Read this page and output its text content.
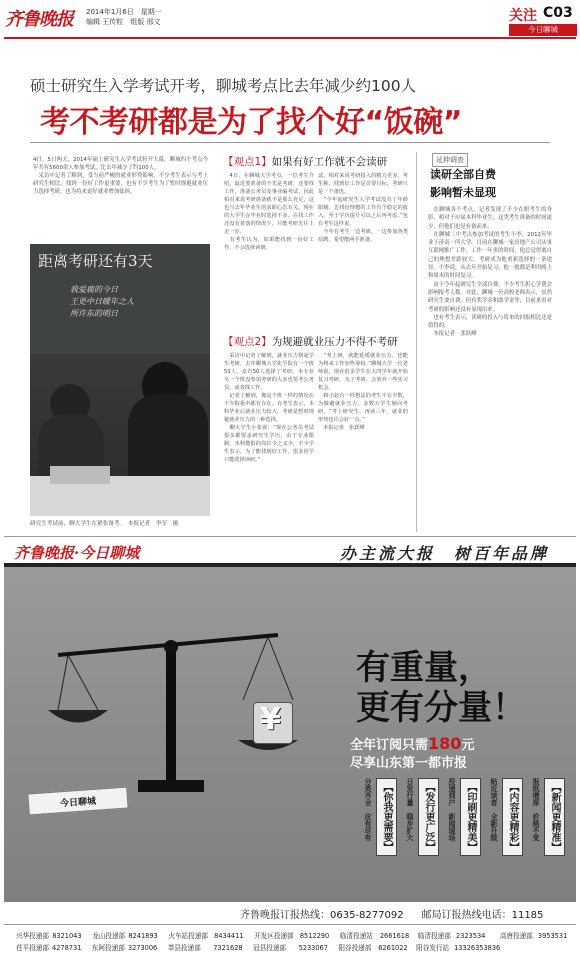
齐鲁晚报 2014年1月6日　星期一
编辑 王传粒　组版 邢文	关注 C03
今日聊城
硕士研究生入学考试开考，聊城考点比去年减少约100人
考不考研都是为了找个好“饭碗”
4日，5日两天，2014年硕士研究生入学考试拉开大幕，聊城四个考点今年共有5600余人参加考试，比去年减少了约100人。
　采访中记者了解到，受当前严峻的就业形势影响，不少考生表示与考上研究生相比，找到一份好工作更重要，也有不少考生为了暂时规避就业压力选择考研，也为将来更好就业增加砝码。
距离考研还有3天
我爱鹿的今日
王更中日暖年之人
所许东的明日
研究生考试前，聊大学生在紧张备考。　本报记者　李军　摄
【观点1】如果有好工作就不会读研
　4日，在聊城大学考点，一位考生介绍，最近要准备的不光是考研，还要找工作，准备公务员及事业编考试，因此相对来说考研准备就不是那么充足，这也与去年毕业生的求职心态有关。现在的大学生在毕业时选择不多，在找工作还没有着落的情况下，只能考研先往上走一步。
　有考生认为，如果能找到一份好工作，不会选择读研。
试，相对来说考研投入的精力更多。考生称，找到好工作是首要目标，考研只是一个备选。
　“今年起研究生入学考试没有了年龄限制，先找份理想的工作有个稳定的收入，至于学历提升可以之后再考虑。”也有考生这样说。
　今年有考生一边考研，一边参加各类招聘，希望能两手准备。
【观点2】为规避就业压力不得不考研
　采访中记者了解到，就业压力倒逼学生考研，去年聊城大学化学院有一个班53人，竟有50人选择了考研。本专业另一个班没参加考研的大多也要考公务员，或者找工作。
　记者了解到，像这个班一样的情况在不少院系中都有存在。有考生表示，本科毕业后就业压力较大，考研是暂时规避就业压力的一种选择。
　聊大学生小张说：“现在公务员考试很多都要求研究生学历，由于专业限制，本科能报的岗位少之又少，不少学生表示，为了能找到好工作，很多同学只能选择读研。”
　“考上研，就能延缓就业压力，也能为将来工作加些筹码。”聊城大学一位老师说，现在很多学生在大四学年就开始复习考研，为了考研，会放弃一些实习机会。
　和小赵有一样想法的考生不在少数，为躲避就业压力，多数大学生倾向考研。“考上研究生，再读三年，就业的形势也许会好一点。”
　本报记者　张跃峰
延伸调查
读研全部自费
影响暂未显现
　在聊城各个考点，记者发现了不少在职考生的身影，相对于应届本科毕业生，这类考生准备的时间更少，但他们也是有备而来。
　在聊城二中考点参加考试的考生小李，2012年毕业于济南一所大学，目前在聊城一家房地产公司从事互联网推广工作。工作一年多的时间，他总觉得离自己的理想差距较大，考研成为他重新选择的一条途径。小李说，从去年开始复习，他一般都是利用晚上和周末的时间复习。
　由于今年起研究生全部自费，不少考生担心学费会影响报考人数。对此，聊城一位高校老师表示，虽然研究生要自费，但有奖学金和助学金等，目前来看对考研的影响还没有显现出来。
　也有考生表示，读研的投入与将来的回报相比还是值得的。
　本报记者　张跃峰
齐鲁晚报·今日聊城	办主流大报　树百年品牌
¥
今日聊城
有重量，
更有分量！
全年订阅只需180元
尽享山东第一都市报
【新闻更精准】
报纸增厚　价格不变
【内容更精彩】
贴近读者　全新升级
【印刷更精美】
投递到户　新闻现场
【发行更广泛】
日发行量　稳步扩大
【你我更需要】
分类齐全　应有尽有
齐鲁晚报订报热线：0635-8277092 邮局订报热线电话：11185
兴华投递部 8321043	龙山投递部 8241893	火车站投递部 8434411	开发区投递部 8512290	临清投递站	2661618	临清投递部 2323534	高唐投递部 3953531
茌平投递部 4278731	东阿投递部 3273006	莘县投递部	7321628	冠县投递部	5233067	阳谷投递部	6261022	阳谷发行站 13326353836
